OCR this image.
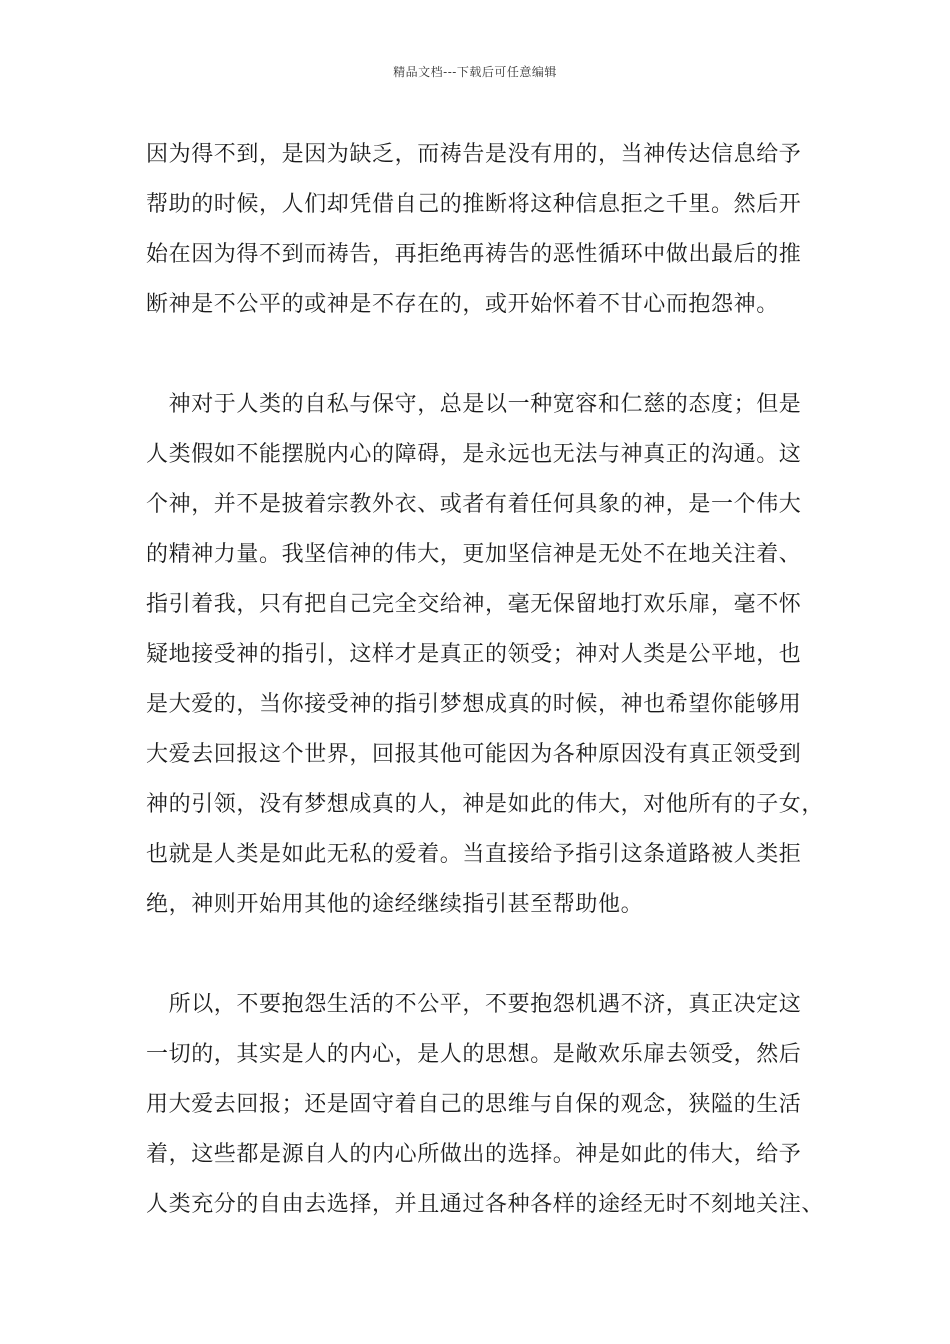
精品文档---下载后可任意编辑
因为得不到，是因为缺乏，而祷告是没有用的，当神传达信息给予
帮助的时候，人们却凭借自己的推断将这种信息拒之千里。然后开
始在因为得不到而祷告，再拒绝再祷告的恶性循环中做出最后的推
断神是不公平的或神是不存在的，或开始怀着不甘心而抱怨神。
　神对于人类的自私与保守，总是以一种宽容和仁慈的态度；但是
人类假如不能摆脱内心的障碍，是永远也无法与神真正的沟通。这
个神，并不是披着宗教外衣、或者有着任何具象的神，是一个伟大
的精神力量。我坚信神的伟大，更加坚信神是无处不在地关注着、
指引着我，只有把自己完全交给神，毫无保留地打欢乐扉，毫不怀
疑地接受神的指引，这样才是真正的领受；神对人类是公平地，也
是大爱的，当你接受神的指引梦想成真的时候，神也希望你能够用
大爱去回报这个世界，回报其他可能因为各种原因没有真正领受到
神的引领，没有梦想成真的人，神是如此的伟大，对他所有的子女，
也就是人类是如此无私的爱着。当直接给予指引这条道路被人类拒
绝，神则开始用其他的途经继续指引甚至帮助他。
　所以，不要抱怨生活的不公平，不要抱怨机遇不济，真正决定这
一切的，其实是人的内心，是人的思想。是敞欢乐扉去领受，然后
用大爱去回报；还是固守着自己的思维与自保的观念，狭隘的生活
着，这些都是源自人的内心所做出的选择。神是如此的伟大，给予
人类充分的自由去选择，并且通过各种各样的途经无时不刻地关注、
